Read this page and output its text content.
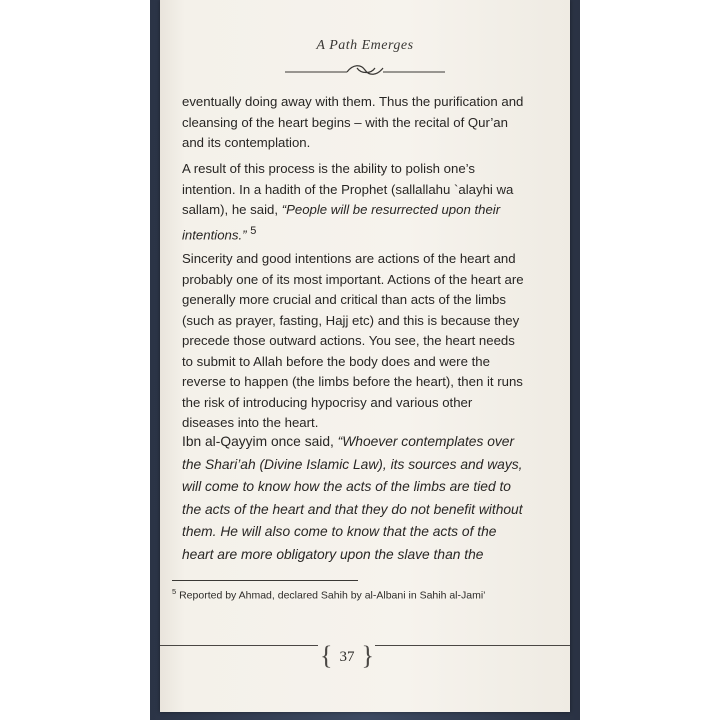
A Path Emerges

eventually doing away with them. Thus the purification and cleansing of the heart begins – with the recital of Qur’an and its contemplation.

A result of this process is the ability to polish one’s intention. In a hadith of the Prophet (sallallahu `alayhi wa sallam), he said, “People will be resurrected upon their intentions.” $^5$

Sincerity and good intentions are actions of the heart and probably one of its most important. Actions of the heart are generally more crucial and critical than acts of the limbs (such as prayer, fasting, Hajj etc) and this is because they precede those outward actions. You see, the heart needs to submit to Allah before the body does and were the reverse to happen (the limbs before the heart), then it runs the risk of introducing hypocrisy and various other diseases into the heart.

Ibn al-Qayyim once said, “Whoever contemplates over the Shari’ah (Divine Islamic Law), its sources and ways, will come to know how the acts of the limbs are tied to the acts of the heart and that they do not benefit without them. He will also come to know that the acts of the heart are more obligatory upon the slave than the

$^5$ Reported by Ahmad, declared Sahih by al-Albani in Sahih al-Jami’
{ 37 }
